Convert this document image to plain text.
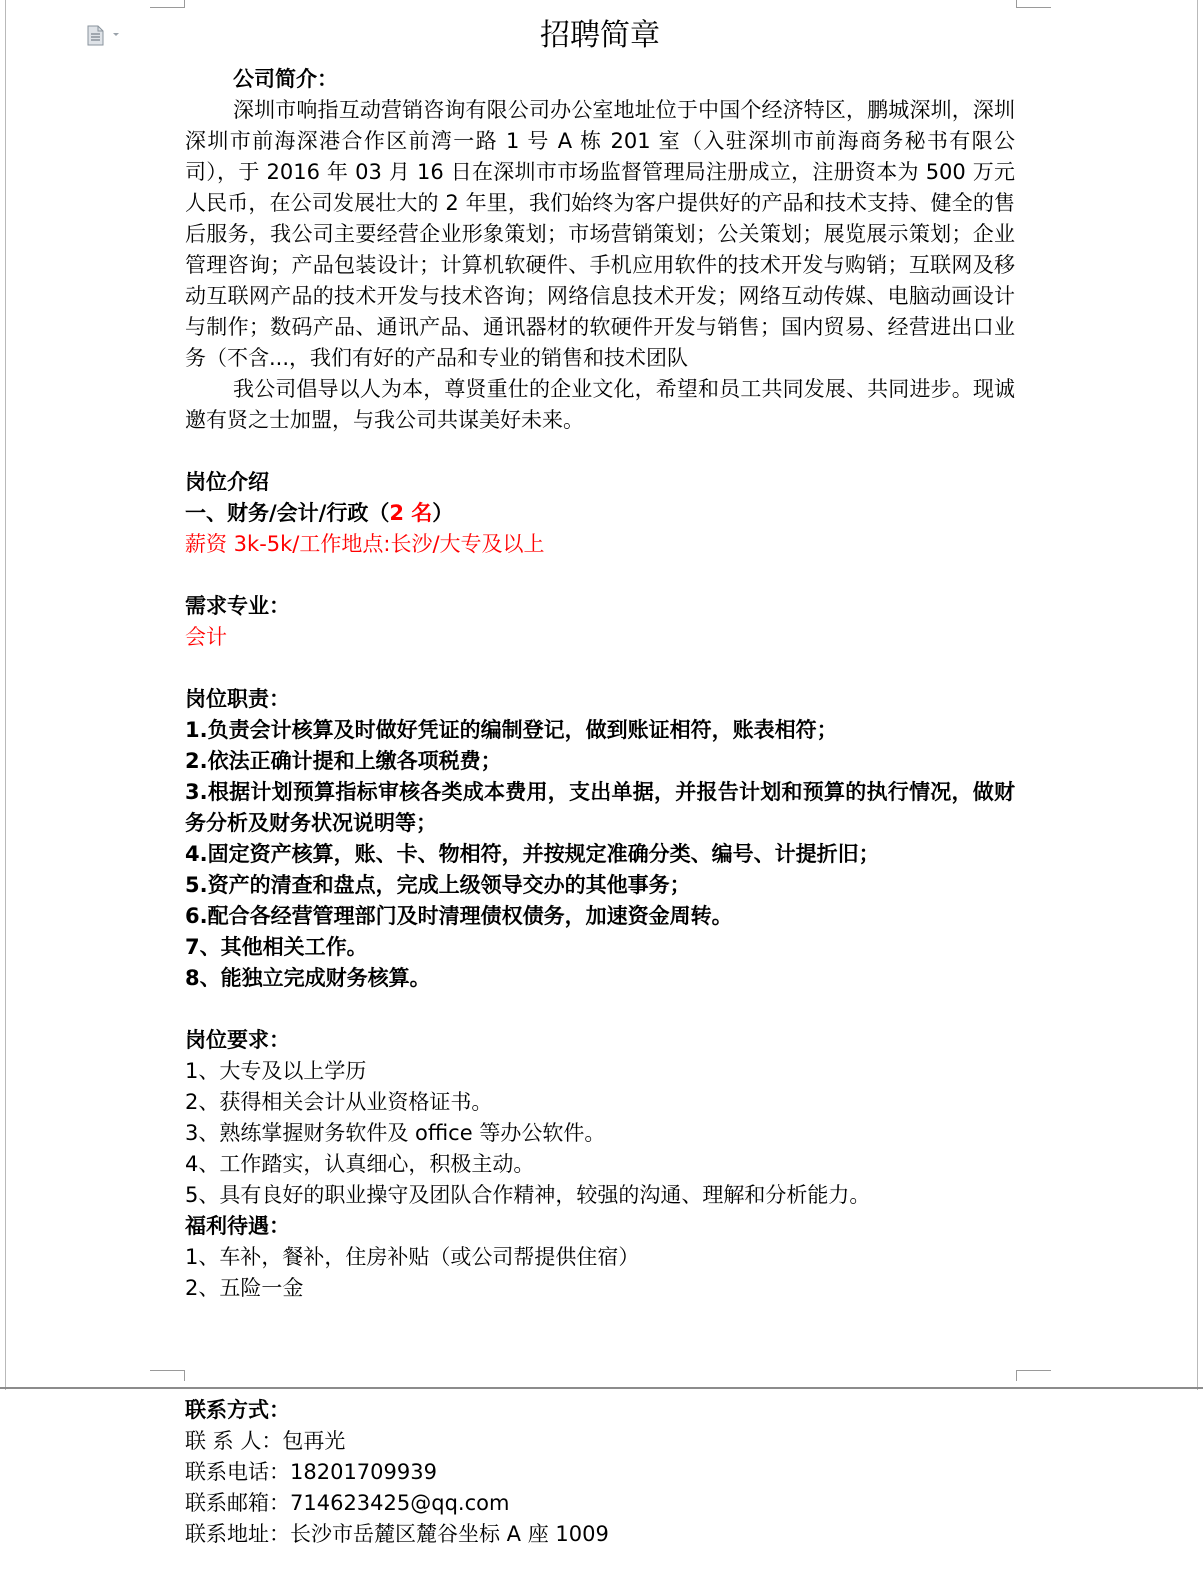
招聘简章

公司简介：

深圳市响指互动营销咨询有限公司办公室地址位于中国个经济特区，鹏城深圳，深圳 深圳市前海深港合作区前湾一路 1 号 A 栋 201 室（入驻深圳市前海商务秘书有限公司），于 2016 年 03 月 16 日在深圳市市场监督管理局注册成立，注册资本为 500 万元人民币，在公司发展壮大的 2 年里，我们始终为客户提供好的产品和技术支持、健全的售后服务，我公司主要经营企业形象策划；市场营销策划；公关策划；展览展示策划；企业管理咨询；产品包装设计；计算机软硬件、手机应用软件的技术开发与购销；互联网及移动互联网产品的技术开发与技术咨询；网络信息技术开发；网络互动传媒、电脑动画设计与制作；数码产品、通讯产品、通讯器材的软硬件开发与销售；国内贸易、经营进出口业务（不含...，我们有好的产品和专业的销售和技术团队

我公司倡导以人为本，尊贤重仕的企业文化，希望和员工共同发展、共同进步。现诚邀有贤之士加盟，与我公司共谋美好未来。

岗位介绍

一、财务/会计/行政（2 名）

薪资 3k-5k/工作地点:长沙/大专及以上

需求专业：

会计

岗位职责：

1.负责会计核算及时做好凭证的编制登记，做到账证相符，账表相符；

2.依法正确计提和上缴各项税费；

3.根据计划预算指标审核各类成本费用，支出单据，并报告计划和预算的执行情况，做财务分析及财务状况说明等；

4.固定资产核算，账、卡、物相符，并按规定准确分类、编号、计提折旧；

5.资产的清查和盘点，完成上级领导交办的其他事务；

6.配合各经营管理部门及时清理债权债务，加速资金周转。

7、其他相关工作。

8、能独立完成财务核算。

岗位要求：

1、大专及以上学历

2、获得相关会计从业资格证书。

3、熟练掌握财务软件及 office 等办公软件。

4、工作踏实，认真细心，积极主动。

5、具有良好的职业操守及团队合作精神，较强的沟通、理解和分析能力。

福利待遇：

1、车补，餐补，住房补贴（或公司帮提供住宿）

2、五险一金

联系方式：

联 系 人：包再光

联系电话：18201709939

联系邮箱：714623425@qq.com

联系地址：长沙市岳麓区麓谷坐标 A 座 1009
